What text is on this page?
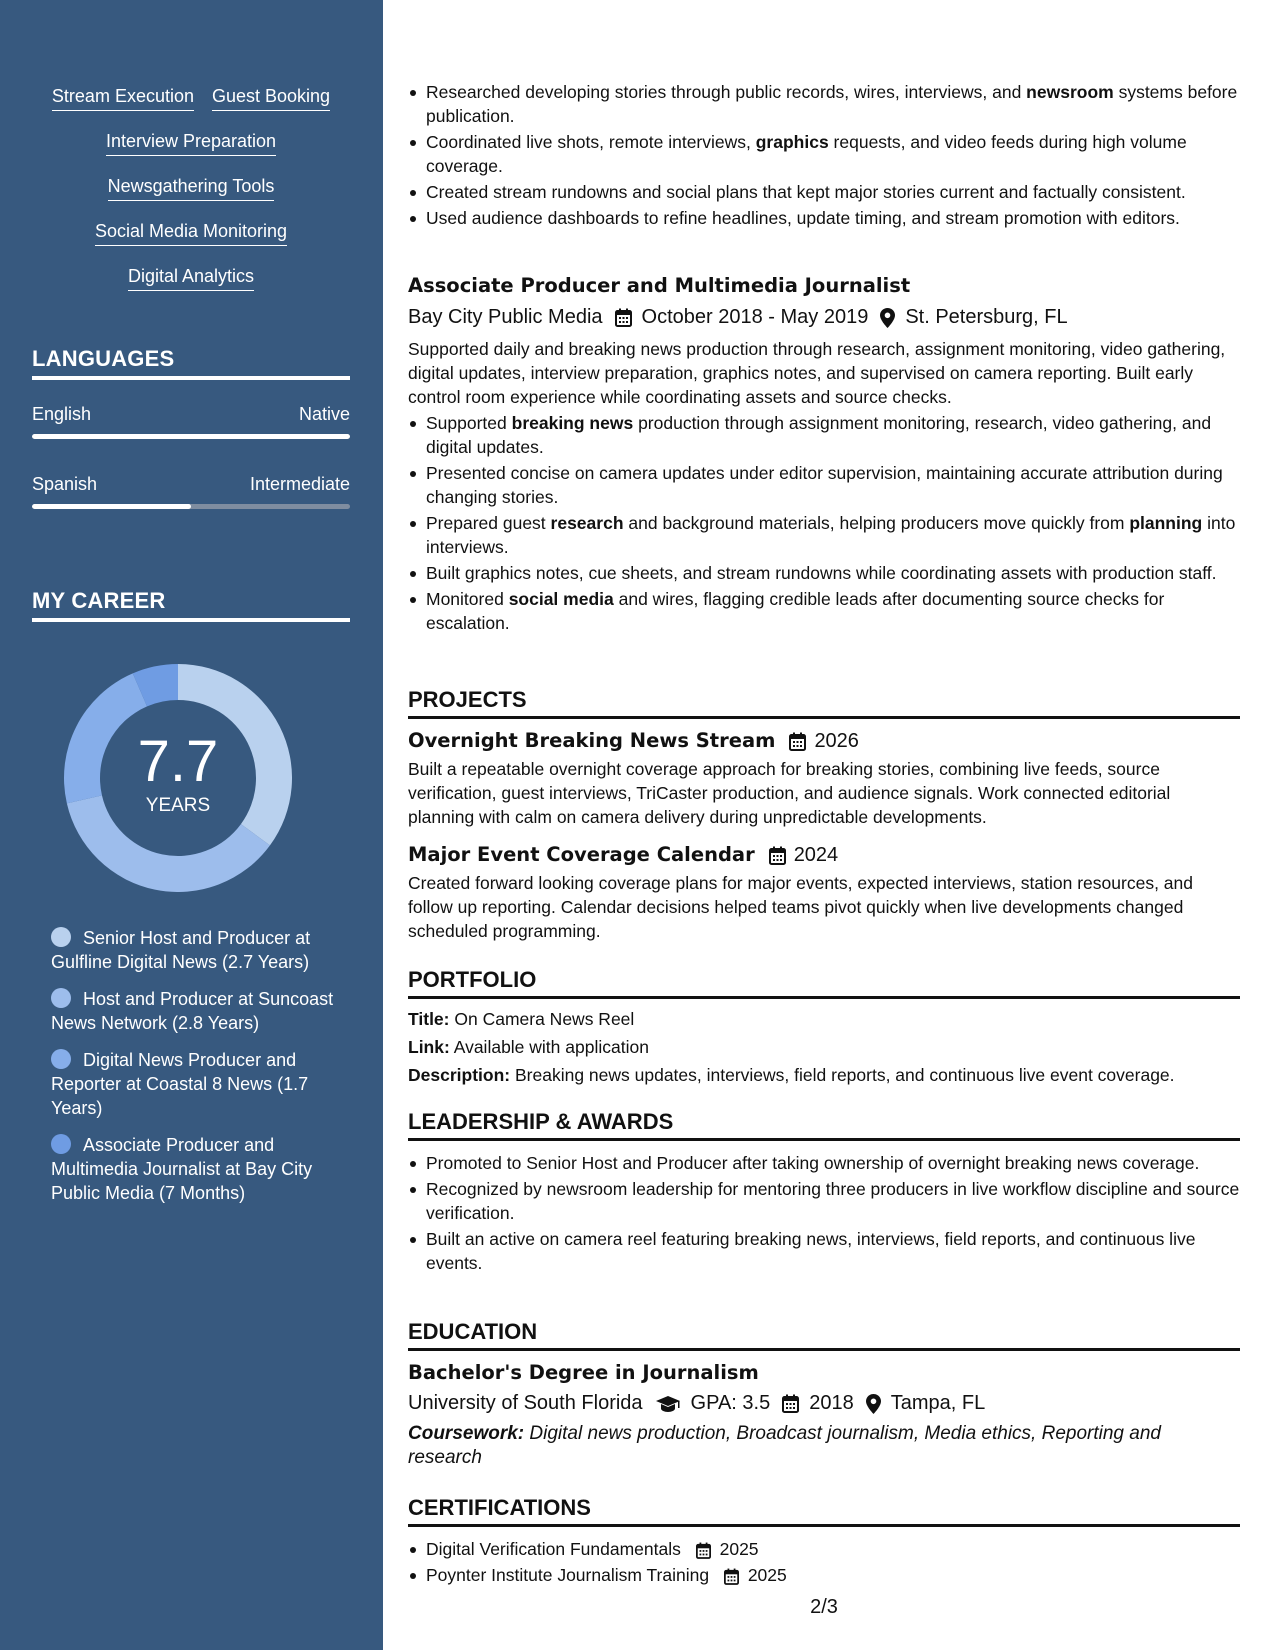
Stream Execution Guest Booking
Interview Preparation
Newsgathering Tools
Social Media Monitoring
Digital Analytics
LANGUAGES
English	Native
Spanish	Intermediate
MY CAREER
7.7
YEARS
Senior Host and Producer at Gulfline Digital News (2.7 Years)
Host and Producer at Suncoast News Network (2.8 Years)
Digital News Producer and Reporter at Coastal 8 News (1.7 Years)
Associate Producer and Multimedia Journalist at Bay City Public Media (7 Months)
Researched developing stories through public records, wires, interviews, and newsroom systems before publication.
Coordinated live shots, remote interviews, graphics requests, and video feeds during high volume coverage.
Created stream rundowns and social plans that kept major stories current and factually consistent.
Used audience dashboards to refine headlines, update timing, and stream promotion with editors.
Associate Producer and Multimedia Journalist
Bay City Public Media October 2018 - May 2019 St. Petersburg, FL
Supported daily and breaking news production through research, assignment monitoring, video gathering, digital updates, interview preparation, graphics notes, and supervised on camera reporting. Built early control room experience while coordinating assets and source checks.
Supported breaking news production through assignment monitoring, research, video gathering, and digital updates.
Presented concise on camera updates under editor supervision, maintaining accurate attribution during changing stories.
Prepared guest research and background materials, helping producers move quickly from planning into interviews.
Built graphics notes, cue sheets, and stream rundowns while coordinating assets with production staff.
Monitored social media and wires, flagging credible leads after documenting source checks for escalation.
PROJECTS
Overnight Breaking News Stream 2026
Built a repeatable overnight coverage approach for breaking stories, combining live feeds, source verification, guest interviews, TriCaster production, and audience signals. Work connected editorial planning with calm on camera delivery during unpredictable developments.
Major Event Coverage Calendar 2024
Created forward looking coverage plans for major events, expected interviews, station resources, and follow up reporting. Calendar decisions helped teams pivot quickly when live developments changed scheduled programming.
PORTFOLIO
Title: On Camera News Reel
Link: Available with application
Description: Breaking news updates, interviews, field reports, and continuous live event coverage.
LEADERSHIP & AWARDS
Promoted to Senior Host and Producer after taking ownership of overnight breaking news coverage.
Recognized by newsroom leadership for mentoring three producers in live workflow discipline and source verification.
Built an active on camera reel featuring breaking news, interviews, field reports, and continuous live events.
EDUCATION
Bachelor's Degree in Journalism
University of South Florida GPA: 3.5 2018 Tampa, FL
Coursework: Digital news production, Broadcast journalism, Media ethics, Reporting and research
CERTIFICATIONS
Digital Verification Fundamentals 2025
Poynter Institute Journalism Training 2025
2/3
